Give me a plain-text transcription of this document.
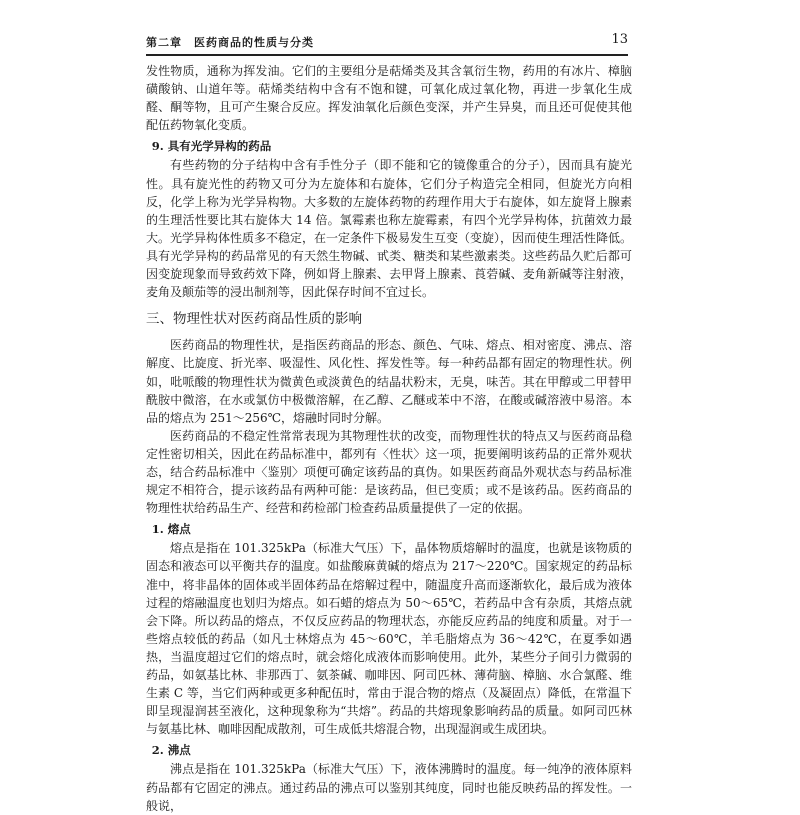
第二章　医药商品的性质与分类	13

发性物质，通称为挥发油。它们的主要组分是萜烯类及其含氧衍生物，药用的有冰片、樟脑磺酸钠、山道年等。萜烯类结构中含有不饱和键，可氧化成过氧化物，再进一步氧化生成醛、酮等物，且可产生聚合反应。挥发油氧化后颜色变深，并产生异臭，而且还可促使其他配伍药物氧化变质。

9. 具有光学异构的药品

有些药物的分子结构中含有手性分子（即不能和它的镜像重合的分子），因而具有旋光性。具有旋光性的药物又可分为左旋体和右旋体，它们分子构造完全相同，但旋光方向相反，化学上称为光学异构物。大多数的左旋体药物的药理作用大于右旋体，如左旋肾上腺素的生理活性要比其右旋体大 14 倍。氯霉素也称左旋霉素，有四个光学异构体，抗菌效力最大。光学异构体性质多不稳定，在一定条件下极易发生互变（变旋），因而使生理活性降低。具有光学异构的药品常见的有天然生物碱、甙类、糖类和某些激素类。这些药品久贮后都可因变旋现象而导致药效下降，例如肾上腺素、去甲肾上腺素、莨菪碱、麦角新碱等注射液，麦角及颠茄等的浸出制剂等，因此保存时间不宜过长。

三、物理性状对医药商品性质的影响

医药商品的物理性状，是指医药商品的形态、颜色、气味、熔点、相对密度、沸点、溶解度、比旋度、折光率、吸湿性、风化性、挥发性等。每一种药品都有固定的物理性状。例如，吡哌酸的物理性状为微黄色或淡黄色的结晶状粉末，无臭，味苦。其在甲醇或二甲替甲酰胺中微溶，在水或氯仿中极微溶解，在乙醇、乙醚或苯中不溶，在酸或碱溶液中易溶。本品的熔点为 251～256℃，熔融时同时分解。

医药商品的不稳定性常常表现为其物理性状的改变，而物理性状的特点又与医药商品稳定性密切相关，因此在药品标准中，都列有〈性状〉这一项，扼要阐明该药品的正常外观状态，结合药品标准中〈鉴别〉项便可确定该药品的真伪。如果医药商品外观状态与药品标准规定不相符合，提示该药品有两种可能：是该药品，但已变质；或不是该药品。医药商品的物理性状给药品生产、经营和药检部门检查药品质量提供了一定的依据。

1. 熔点

熔点是指在 101.325kPa（标准大气压）下，晶体物质熔解时的温度，也就是该物质的固态和液态可以平衡共存的温度。如盐酸麻黄碱的熔点为 217～220℃。国家规定的药品标准中，将非晶体的固体或半固体药品在熔解过程中，随温度升高而逐渐软化，最后成为液体过程的熔融温度也划归为熔点。如石蜡的熔点为 50～65℃，若药品中含有杂质，其熔点就会下降。所以药品的熔点，不仅反应药品的物理状态，亦能反应药品的纯度和质量。对于一些熔点较低的药品（如凡士林熔点为 45～60℃，羊毛脂熔点为 36～42℃，在夏季如遇热，当温度超过它们的熔点时，就会熔化成液体而影响使用。此外，某些分子间引力微弱的药品，如氨基比林、非那西丁、氨茶碱、咖啡因、阿司匹林、薄荷脑、樟脑、水合氯醛、维生素 C 等，当它们两种或更多种配伍时，常由于混合物的熔点（及凝固点）降低，在常温下即呈现湿润甚至液化，这种现象称为“共熔”。药品的共熔现象影响药品的质量。如阿司匹林与氨基比林、咖啡因配成散剂，可生成低共熔混合物，出现湿润或生成团块。

2. 沸点

沸点是指在 101.325kPa（标准大气压）下，液体沸腾时的温度。每一纯净的液体原料药品都有它固定的沸点。通过药品的沸点可以鉴别其纯度，同时也能反映药品的挥发性。一般说，
